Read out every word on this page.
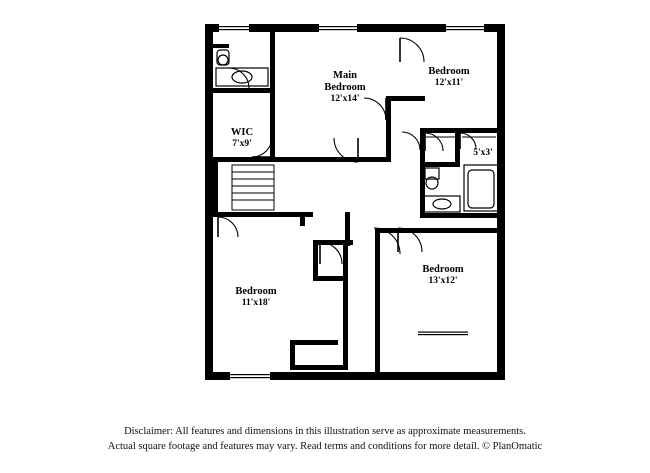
Main
Bedroom
12'x14'
Bedroom
12'x11'
WIC
7'x9'
5'x3'
Bedroom
11'x18'
Bedroom
13'x12'
Disclaimer: All features and dimensions in this illustration serve as approximate measurements.
Actual square footage and features may vary. Read terms and conditions for more detail. © PlanOmatic
